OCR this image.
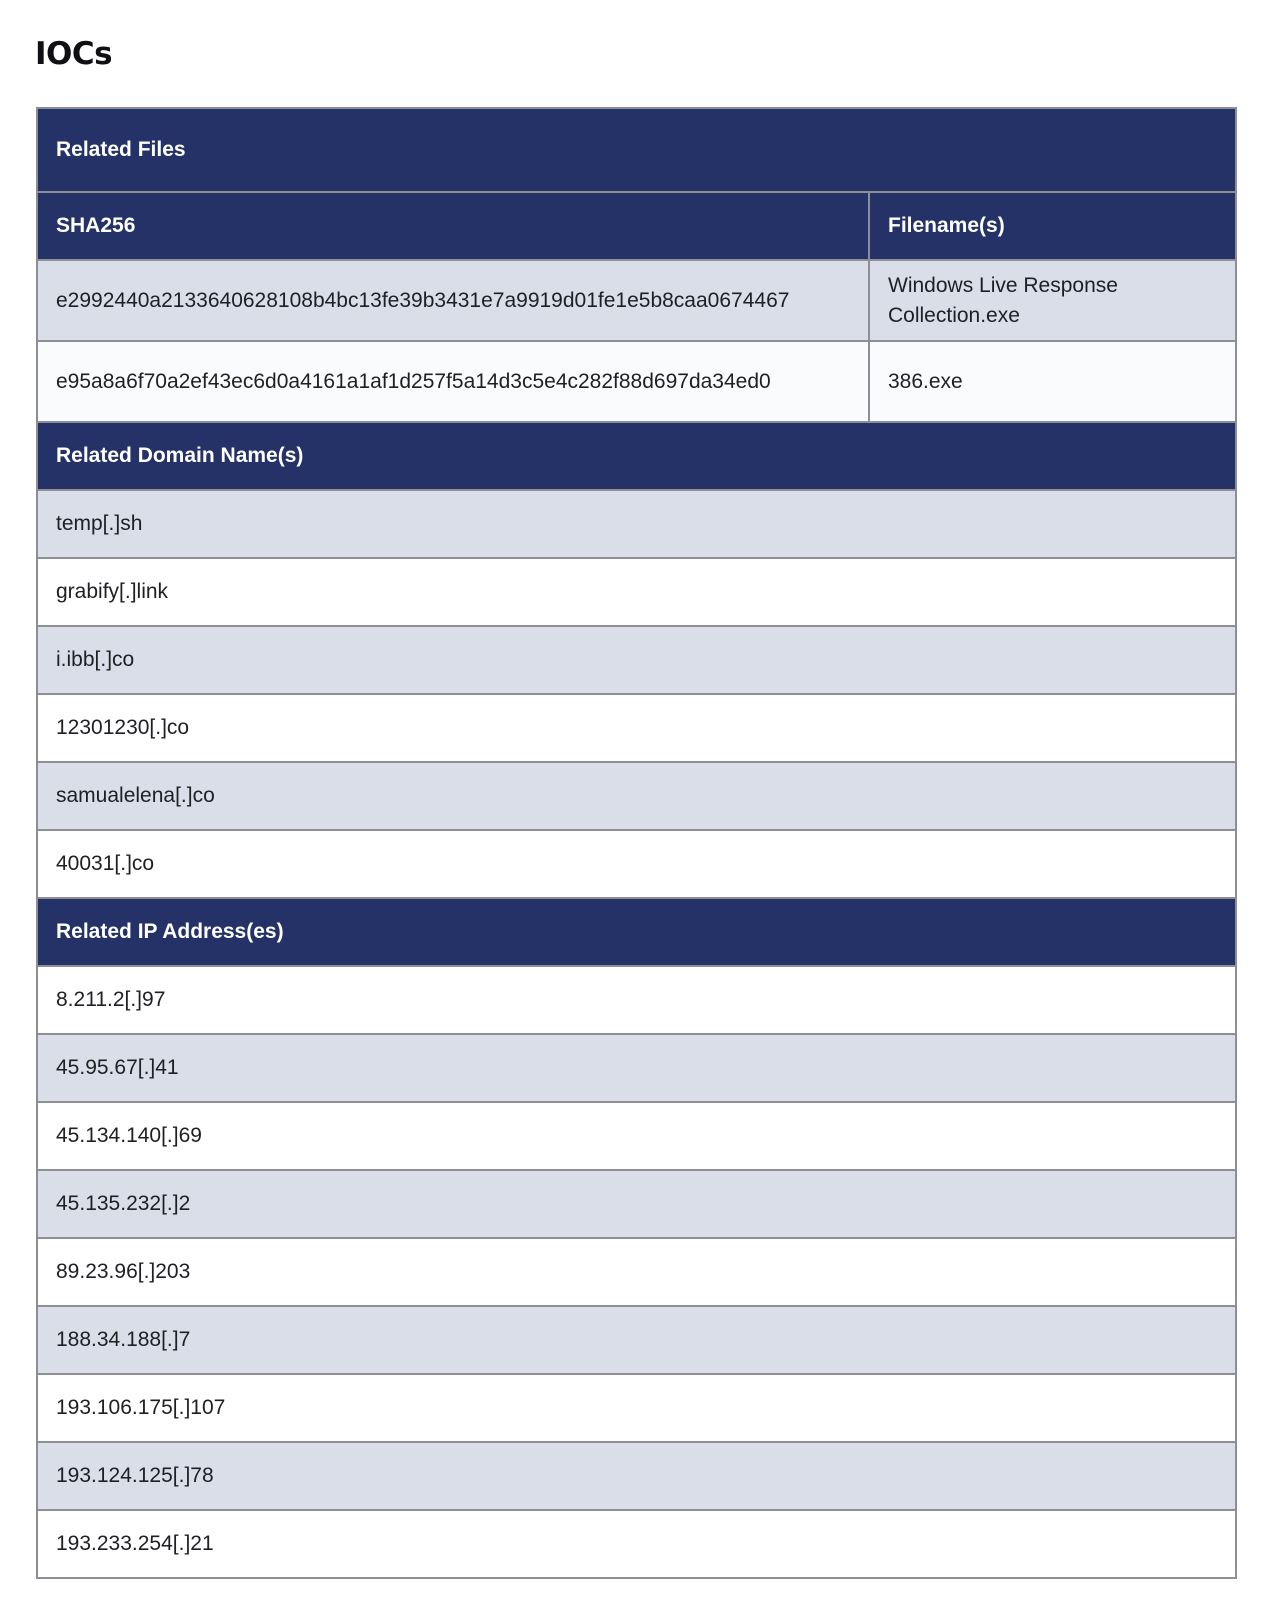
IOCs
Related Files	
SHA256	Filename(s)
e2992440a2133640628108b4bc13fe39b3431e7a9919d01fe1e5b8caa0674467	Windows Live Response Collection.exe
e95a8a6f70a2ef43ec6d0a4161a1af1d257f5a14d3c5e4c282f88d697da34ed0	386.exe
Related Domain Name(s)	
temp[.]sh	
grabify[.]link	
i.ibb[.]co	
12301230[.]co	
samualelena[.]co	
40031[.]co	
Related IP Address(es)	
8.211.2[.]97	
45.95.67[.]41	
45.134.140[.]69	
45.135.232[.]2	
89.23.96[.]203	
188.34.188[.]7	
193.106.175[.]107	
193.124.125[.]78	
193.233.254[.]21	
